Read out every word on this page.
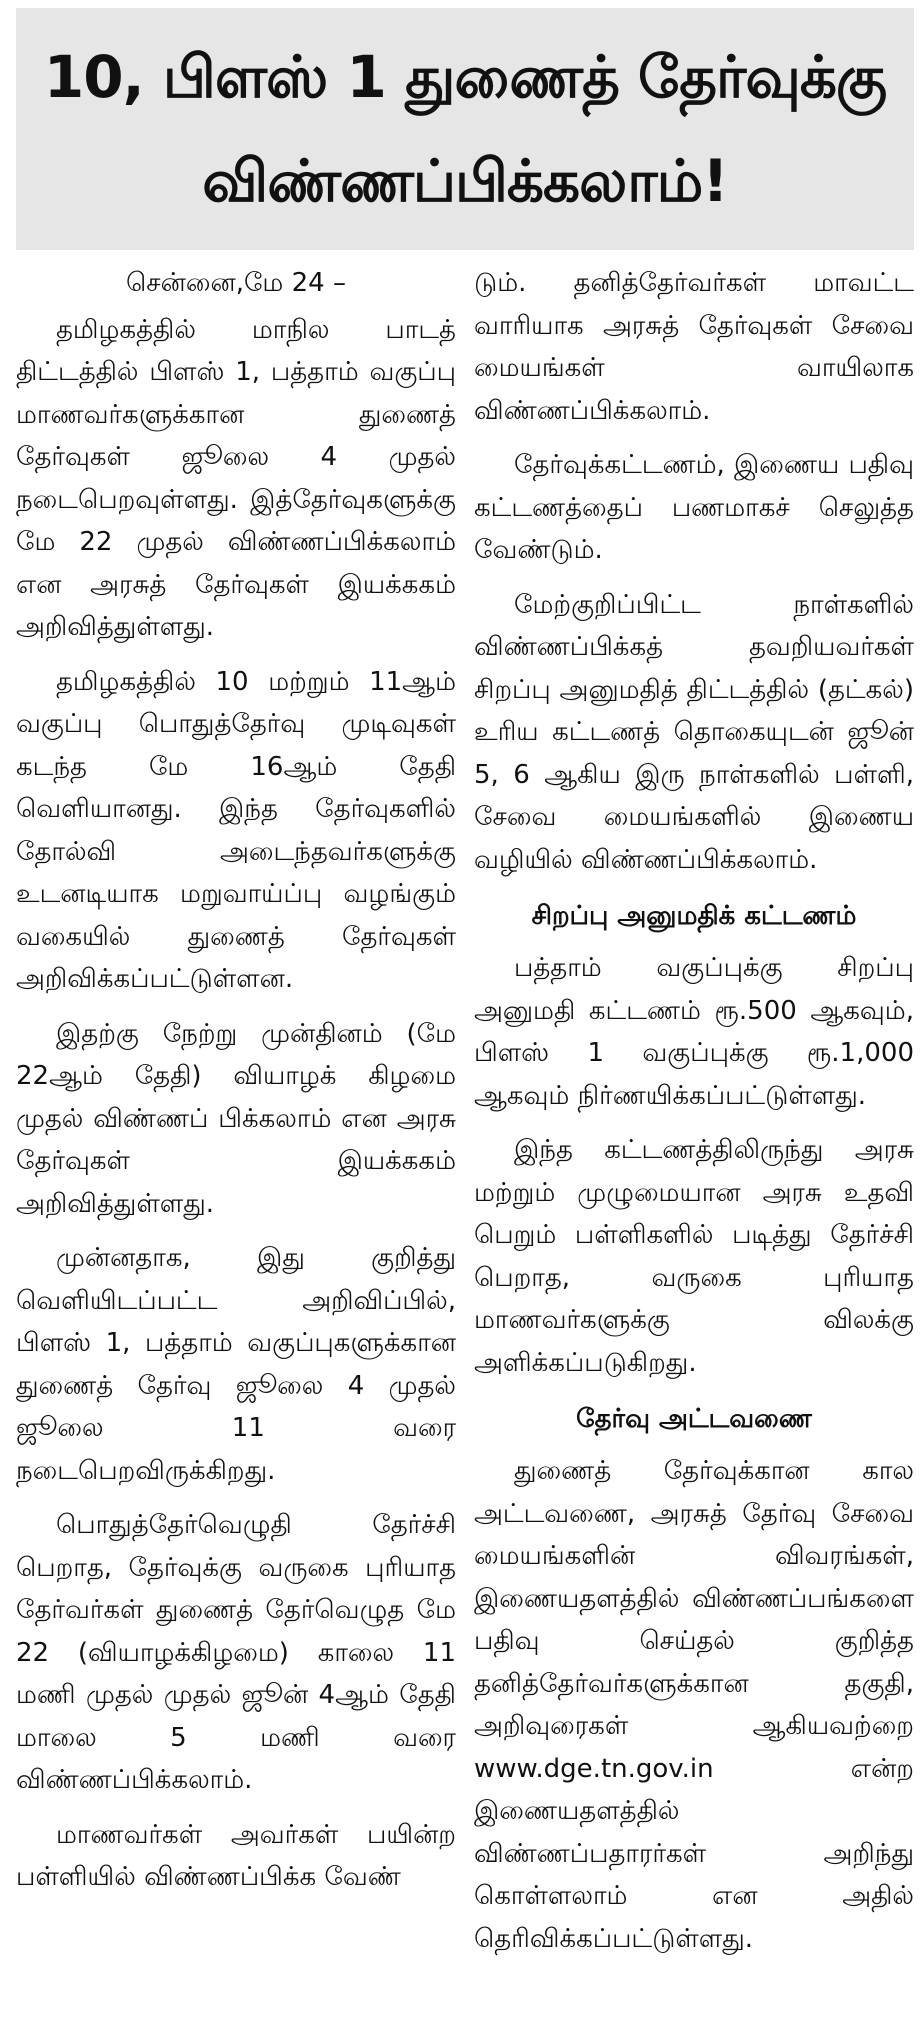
10, பிளஸ் 1 துணைத் தேர்வுக்கு
விண்ணப்பிக்கலாம்!

சென்னை,மே 24 –

தமிழகத்தில் மாநில பாடத் திட்டத்தில் பிளஸ் 1, பத்தாம் வகுப்பு மாணவர்களுக்கான துணைத் தேர்வுகள் ஜூலை 4 முதல் நடைபெறவுள்ளது. இத்தேர்வுகளுக்கு மே 22 முதல் விண்ணப்பிக்கலாம் என அரசுத் தேர்வுகள் இயக்ககம் அறிவித்துள்ளது.

தமிழகத்தில் 10 மற்றும் 11ஆம் வகுப்பு பொதுத்தேர்வு முடிவுகள் கடந்த மே 16ஆம் தேதி வெளியானது. இந்த தேர்வுகளில் தோல்வி அடைந்தவர்களுக்கு உடனடியாக மறுவாய்ப்பு வழங்கும் வகையில் துணைத் தேர்வுகள் அறிவிக்கப்பட்டுள்ளன.

இதற்கு நேற்று முன்தினம் (மே 22ஆம் தேதி) வியாழக் கிழமை முதல் விண்ணப் பிக்கலாம் என அரசு தேர்வுகள் இயக்ககம் அறிவித்துள்ளது.

முன்னதாக, இது குறித்து வெளியிடப்பட்ட அறிவிப்பில், பிளஸ் 1, பத்தாம் வகுப்புகளுக்கான துணைத் தேர்வு ஜூலை 4 முதல் ஜூலை 11 வரை நடைபெறவிருக்கிறது.

பொதுத்தேர்வெழுதி தேர்ச்சி பெறாத, தேர்வுக்கு வருகை புரியாத தேர்வர்கள் துணைத் தேர்வெழுத மே 22 (வியாழக்கிழமை) காலை 11 மணி முதல் முதல் ஜூன் 4ஆம் தேதி மாலை 5 மணி வரை விண்ணப்பிக்கலாம்.

மாணவர்கள் அவர்கள் பயின்ற பள்ளியில் விண்ணப்பிக்க வேண்

டும். தனித்தேர்வர்கள் மாவட்ட வாரியாக அரசுத் தேர்வுகள் சேவை மையங்கள் வாயிலாக விண்ணப்பிக்கலாம்.

தேர்வுக்கட்டணம், இணைய பதிவு கட்டணத்தைப் பணமாகச் செலுத்த வேண்டும்.

மேற்குறிப்பிட்ட நாள்களில் விண்ணப்பிக்கத் தவறியவர்கள் சிறப்பு அனுமதித் திட்டத்தில் (தட்கல்) உரிய கட்டணத் தொகையுடன் ஜூன் 5, 6 ஆகிய இரு நாள்களில் பள்ளி, சேவை மையங்களில் இணைய வழியில் விண்ணப்பிக்கலாம்.

சிறப்பு அனுமதிக் கட்டணம்

பத்தாம் வகுப்புக்கு சிறப்பு அனுமதி கட்டணம் ரூ.500 ஆகவும், பிளஸ் 1 வகுப்புக்கு ரூ.1,000 ஆகவும் நிர்ணயிக்கப்பட்டுள்ளது.

இந்த கட்டணத்திலிருந்து அரசு மற்றும் முழுமையான அரசு உதவி பெறும் பள்ளிகளில் படித்து தேர்ச்சி பெறாத, வருகை புரியாத மாணவர்களுக்கு விலக்கு அளிக்கப்படுகிறது.

தேர்வு அட்டவணை

துணைத் தேர்வுக்கான கால அட்டவணை, அரசுத் தேர்வு சேவை மையங்களின் விவரங்கள், இணையதளத்தில் விண்ணப்பங்களை பதிவு செய்தல் குறித்த தனித்தேர்வர்களுக்கான தகுதி, அறிவுரைகள் ஆகியவற்றை www.dge.tn.gov.in என்ற இணையதளத்தில் விண்ணப்பதாரர்கள் அறிந்து கொள்ளலாம் என அதில் தெரிவிக்கப்பட்டுள்ளது.
